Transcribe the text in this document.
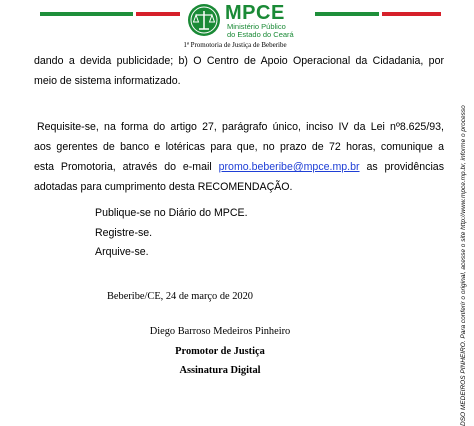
MPCE
Ministério Público
do Estado do Ceará
1ª Promotoria de Justiça de Beberibe
dando a devida publicidade; b) O Centro de Apoio Operacional da Cidadania, por
meio de sistema informatizado.
Requisite-se, na forma do artigo 27, parágrafo único, inciso IV da Lei nº8.625/93,
aos gerentes de banco e lotéricas para que, no prazo de 72 horas, comunique a
esta Promotoria, através do e-mail promo.beberibe@mpce.mp.br as providências
adotadas para cumprimento desta RECOMENDAÇÃO.
Publique-se no Diário do MPCE.
Registre-se.
Arquive-se.
Beberibe/CE, 24 de março de 2020
Diego Barroso Medeiros Pinheiro
Promotor de Justiça
Assinatura Digital	DSO MEDEIROS PINHEIRO. Para conferir o original, acesse o site http://www.mpce.mp.br, informe o processo
